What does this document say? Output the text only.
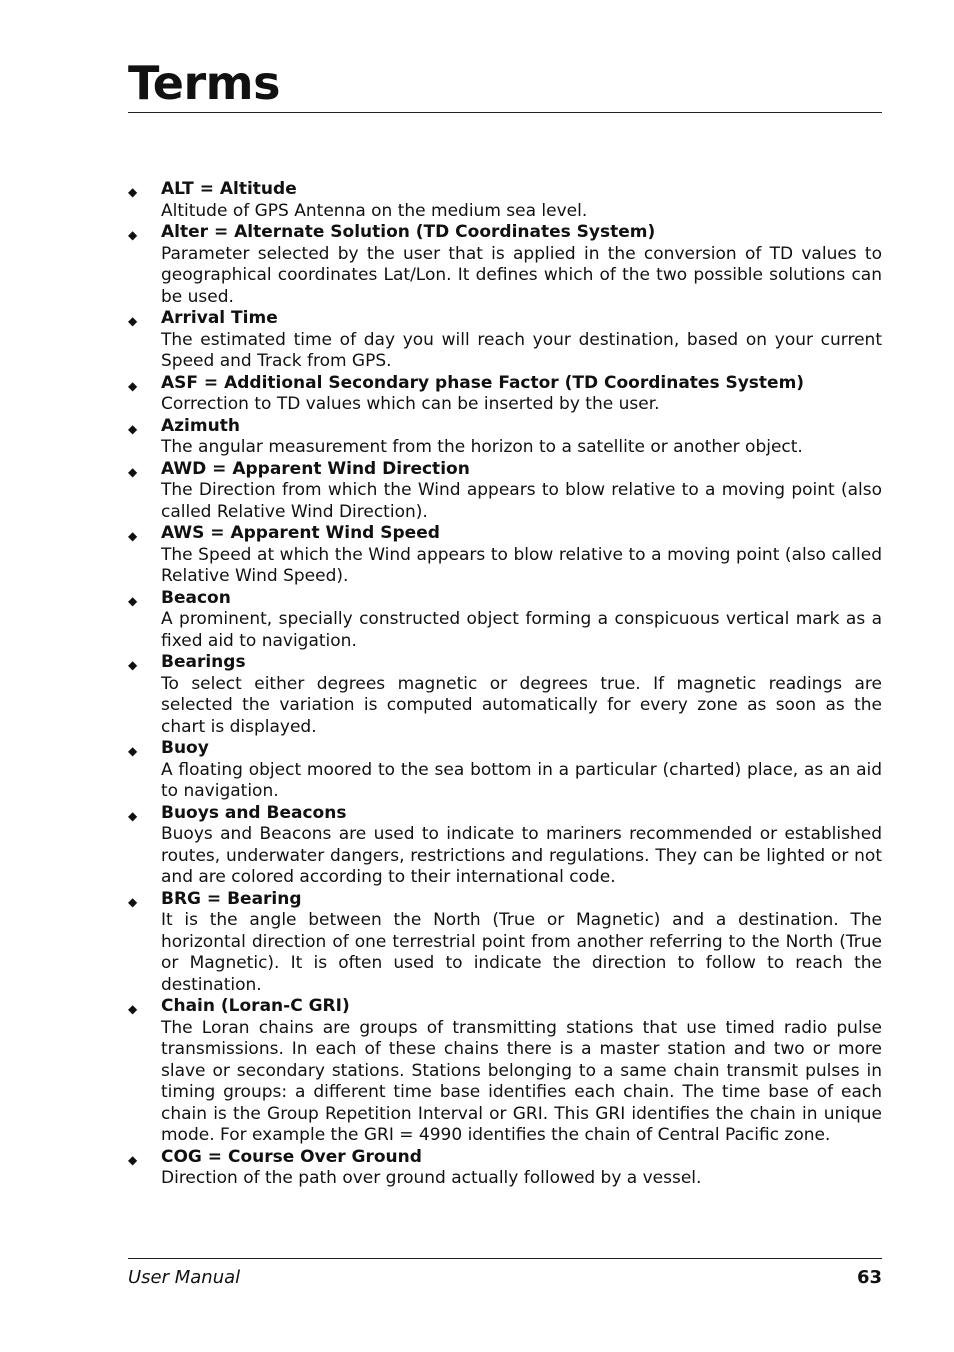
Terms
◆ ALT = Altitude
Altitude of GPS Antenna on the medium sea level.
◆ Alter = Alternate Solution (TD Coordinates System)
Parameter selected by the user that is applied in the conversion of TD values to geographical coordinates Lat/Lon. It defines which of the two possible solutions can be used.
◆ Arrival Time
The estimated time of day you will reach your destination, based on your current Speed and Track from GPS.
◆ ASF = Additional Secondary phase Factor (TD Coordinates System)
Correction to TD values which can be inserted by the user.
◆ Azimuth
The angular measurement from the horizon to a satellite or another object.
◆ AWD = Apparent Wind Direction
The Direction from which the Wind appears to blow relative to a moving point (also called Relative Wind Direction).
◆ AWS = Apparent Wind Speed
The Speed at which the Wind appears to blow relative to a moving point (also called Relative Wind Speed).
◆ Beacon
A prominent, specially constructed object forming a conspicuous vertical mark as a fixed aid to navigation.
◆ Bearings
To select either degrees magnetic or degrees true. If magnetic readings are selected the variation is computed automatically for every zone as soon as the chart is displayed.
◆ Buoy
A floating object moored to the sea bottom in a particular (charted) place, as an aid to navigation.
◆ Buoys and Beacons
Buoys and Beacons are used to indicate to mariners recommended or established routes, underwater dangers, restrictions and regulations. They can be lighted or not and are colored according to their international code.
◆ BRG = Bearing
It is the angle between the North (True or Magnetic) and a destination. The horizontal direction of one terrestrial point from another referring to the North (True or Magnetic). It is often used to indicate the direction to follow to reach the destination.
◆ Chain (Loran-C GRI)
The Loran chains are groups of transmitting stations that use timed radio pulse transmissions. In each of these chains there is a master station and two or more slave or secondary stations. Stations belonging to a same chain transmit pulses in timing groups: a different time base identifies each chain. The time base of each chain is the Group Repetition Interval or GRI. This GRI identifies the chain in unique mode. For example the GRI = 4990 identifies the chain of Central Pacific zone.
◆ COG = Course Over Ground
Direction of the path over ground actually followed by a vessel.
User Manual	63
